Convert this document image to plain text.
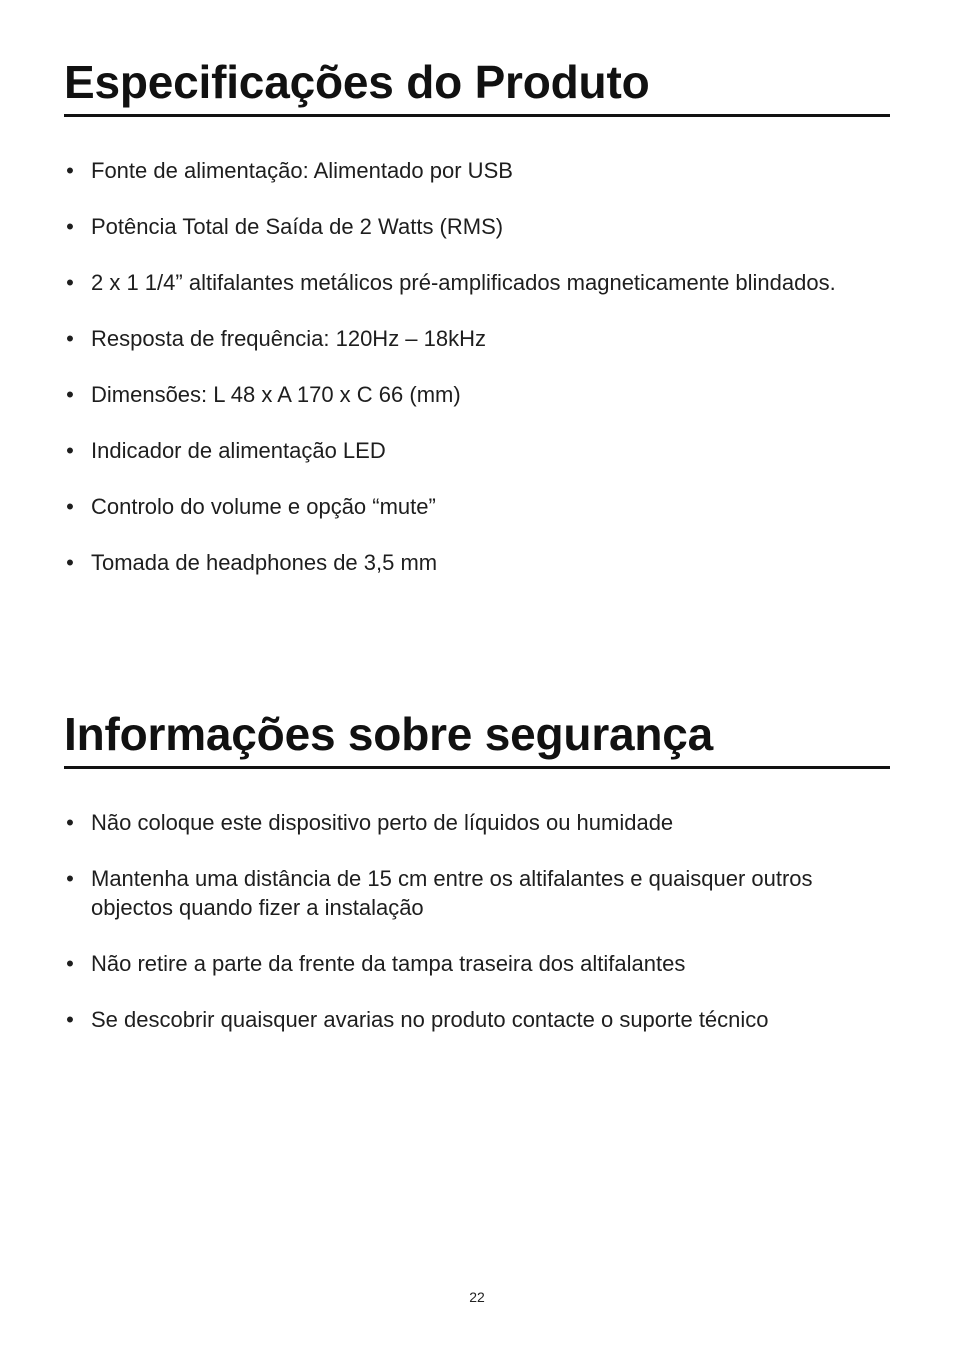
Especificações do Produto
• Fonte de alimentação: Alimentado por USB
• Potência Total de Saída de 2 Watts (RMS)
• 2 x 1 1/4” altifalantes metálicos pré-amplificados magneticamente blindados.
• Resposta de frequência: 120Hz – 18kHz
• Dimensões: L 48 x A 170 x C 66 (mm)
• Indicador de alimentação LED
• Controlo do volume e opção “mute”
• Tomada de headphones de 3,5 mm
Informações sobre segurança
• Não coloque este dispositivo perto de líquidos ou humidade
• Mantenha uma distância de 15 cm entre os altifalantes e quaisquer outros objectos quando fizer a instalação
• Não retire a parte da frente da tampa traseira dos altifalantes
• Se descobrir quaisquer avarias no produto contacte o suporte técnico
22
